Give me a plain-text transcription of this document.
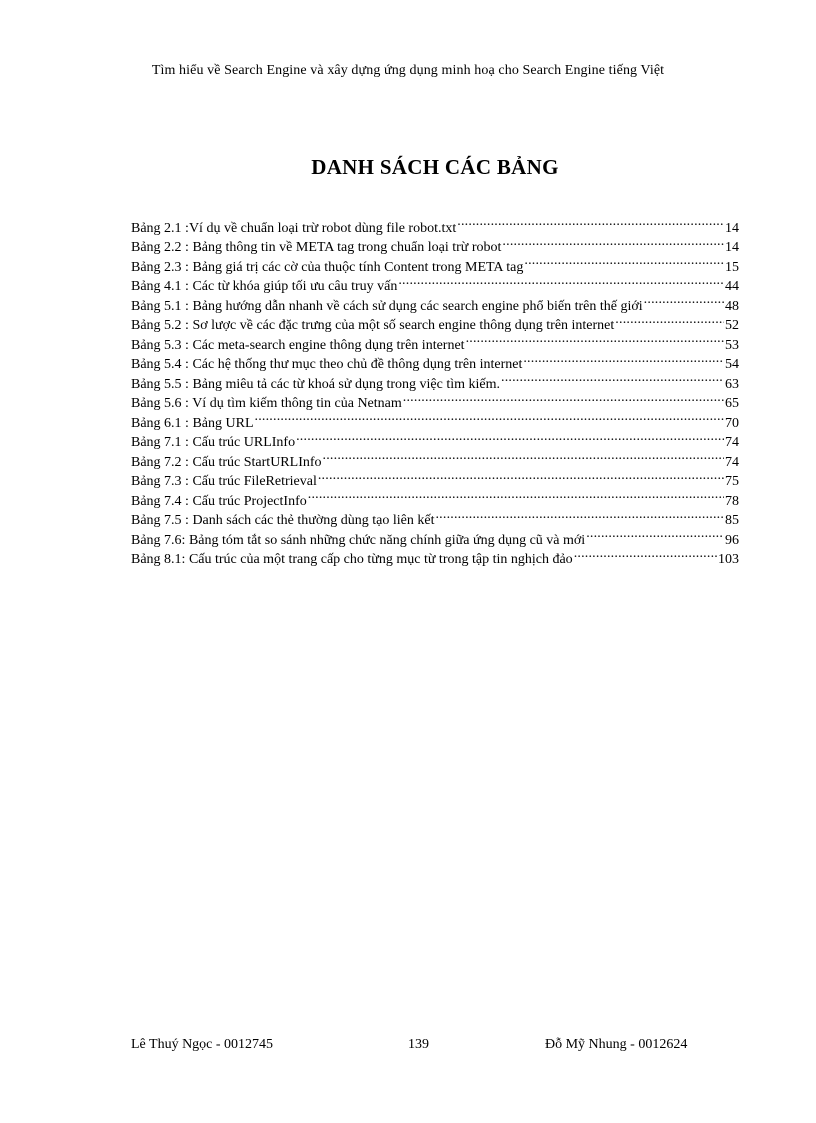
Tìm hiểu về Search Engine và xây dựng ứng dụng minh hoạ cho Search Engine tiếng Việt
DANH SÁCH CÁC BẢNG
Bảng 2.1 :Ví dụ về chuẩn loại trừ robot dùng file robot.txt .....	14
Bảng 2.2 : Bảng thông tin về META tag trong chuẩn loại trừ robot .....	14
Bảng 2.3 : Bảng giá trị các cờ của thuộc tính Content trong META tag .....	15
Bảng 4.1 : Các từ khóa giúp tối ưu câu truy vấn .....	44
Bảng 5.1 : Bảng hướng dẫn nhanh về cách sử dụng các search engine phổ biến trên thế giới .....	48
Bảng 5.2 : Sơ lược về các đặc trưng của một số search engine thông dụng trên internet .....	52
Bảng 5.3 : Các meta-search engine thông dụng trên internet .....	53
Bảng 5.4 : Các hệ thống thư mục theo chủ đề thông dụng trên internet .....	54
Bảng 5.5 : Bảng miêu tả các từ khoá sử dụng trong việc tìm kiếm. .....	63
Bảng 5.6 : Ví dụ tìm kiếm thông tin của Netnam .....	65
Bảng 6.1 : Bảng URL .....	70
Bảng 7.1 : Cấu trúc URLInfo .....	74
Bảng 7.2 : Cấu trúc StartURLInfo .....	74
Bảng 7.3 : Cấu trúc FileRetrieval .....	75
Bảng 7.4 : Cấu trúc ProjectInfo .....	78
Bảng 7.5 : Danh sách các thẻ thường dùng tạo liên kết .....	85
Bảng 7.6: Bảng tóm tắt so sánh những chức năng chính giữa ứng dụng cũ và mới .....	96
Bảng 8.1: Cấu trúc của một trang cấp cho từng mục từ trong tập tin nghịch đảo .....	103
Lê Thuý Ngọc - 0012745	139	Đỗ Mỹ Nhung - 0012624
